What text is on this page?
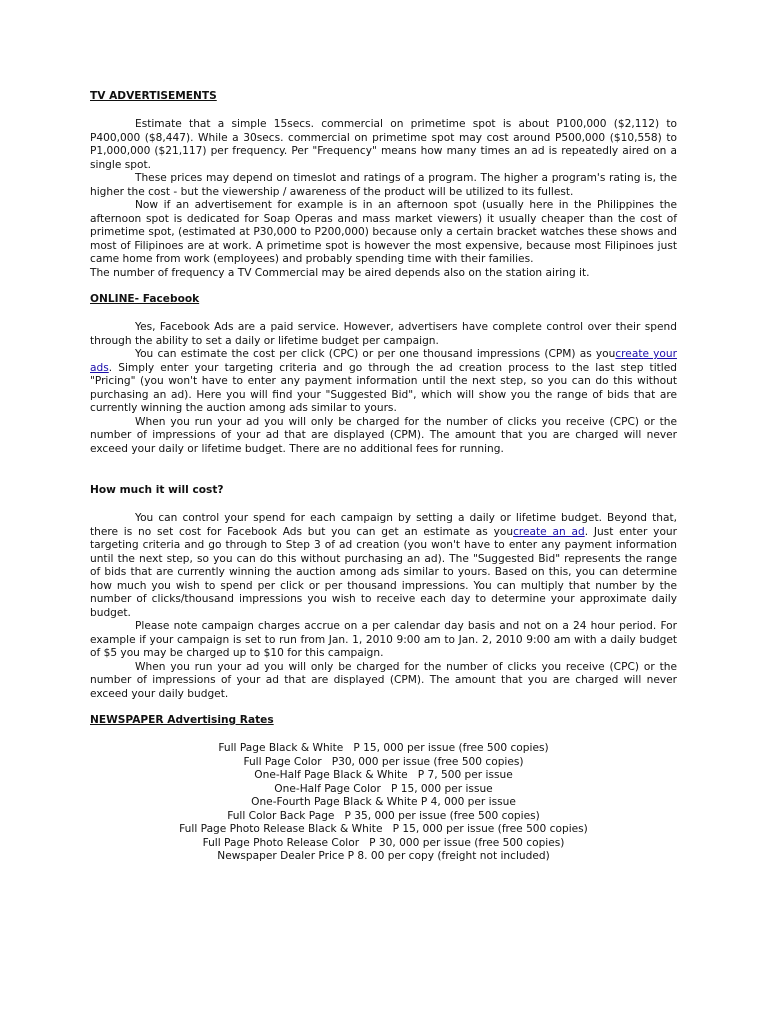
TV ADVERTISEMENTS

Estimate that a simple 15secs. commercial on primetime spot is about P100,000 ($2,112) to P400,000 ($8,447). While a 30secs. commercial on primetime spot may cost around P500,000 ($10,558) to P1,000,000 ($21,117) per frequency. Per "Frequency" means how many times an ad is repeatedly aired on a single spot.

These prices may depend on timeslot and ratings of a program. The higher a program's rating is, the higher the cost - but the viewership / awareness of the product will be utilized to its fullest.

Now if an advertisement for example is in an afternoon spot (usually here in the Philippines the afternoon spot is dedicated for Soap Operas and mass market viewers) it usually cheaper than the cost of primetime spot, (estimated at P30,000 to P200,000) because only a certain bracket watches these shows and most of Filipinoes are at work. A primetime spot is however the most expensive, because most Filipinoes just came home from work (employees) and probably spending time with their families.

The number of frequency a TV Commercial may be aired depends also on the station airing it.

ONLINE- Facebook

Yes, Facebook Ads are a paid service. However, advertisers have complete control over their spend through the ability to set a daily or lifetime budget per campaign.

You can estimate the cost per click (CPC) or per one thousand impressions (CPM) as youcreate your ads. Simply enter your targeting criteria and go through the ad creation process to the last step titled "Pricing" (you won't have to enter any payment information until the next step, so you can do this without purchasing an ad). Here you will find your "Suggested Bid", which will show you the range of bids that are currently winning the auction among ads similar to yours.

When you run your ad you will only be charged for the number of clicks you receive (CPC) or the number of impressions of your ad that are displayed (CPM). The amount that you are charged will never exceed your daily or lifetime budget. There are no additional fees for running.

How much it will cost?

You can control your spend for each campaign by setting a daily or lifetime budget. Beyond that, there is no set cost for Facebook Ads but you can get an estimate as youcreate an ad. Just enter your targeting criteria and go through to Step 3 of ad creation (you won't have to enter any payment information until the next step, so you can do this without purchasing an ad). The "Suggested Bid" represents the range of bids that are currently winning the auction among ads similar to yours. Based on this, you can determine how much you wish to spend per click or per thousand impressions. You can multiply that number by the number of clicks/thousand impressions you wish to receive each day to determine your approximate daily budget.

Please note campaign charges accrue on a per calendar day basis and not on a 24 hour period. For example if your campaign is set to run from Jan. 1, 2010 9:00 am to Jan. 2, 2010 9:00 am with a daily budget of $5 you may be charged up to $10 for this campaign.

When you run your ad you will only be charged for the number of clicks you receive (CPC) or the number of impressions of your ad that are displayed (CPM). The amount that you are charged will never exceed your daily budget.

NEWSPAPER Advertising Rates
Full Page Black & White   P 15, 000 per issue (free 500 copies)
Full Page Color   P30, 000 per issue (free 500 copies)
One-Half Page Black & White   P 7, 500 per issue
One-Half Page Color   P 15, 000 per issue
One-Fourth Page Black & White P 4, 000 per issue
Full Color Back Page   P 35, 000 per issue (free 500 copies)
Full Page Photo Release Black & White   P 15, 000 per issue (free 500 copies)
Full Page Photo Release Color   P 30, 000 per issue (free 500 copies)
Newspaper Dealer Price P 8. 00 per copy (freight not included)
